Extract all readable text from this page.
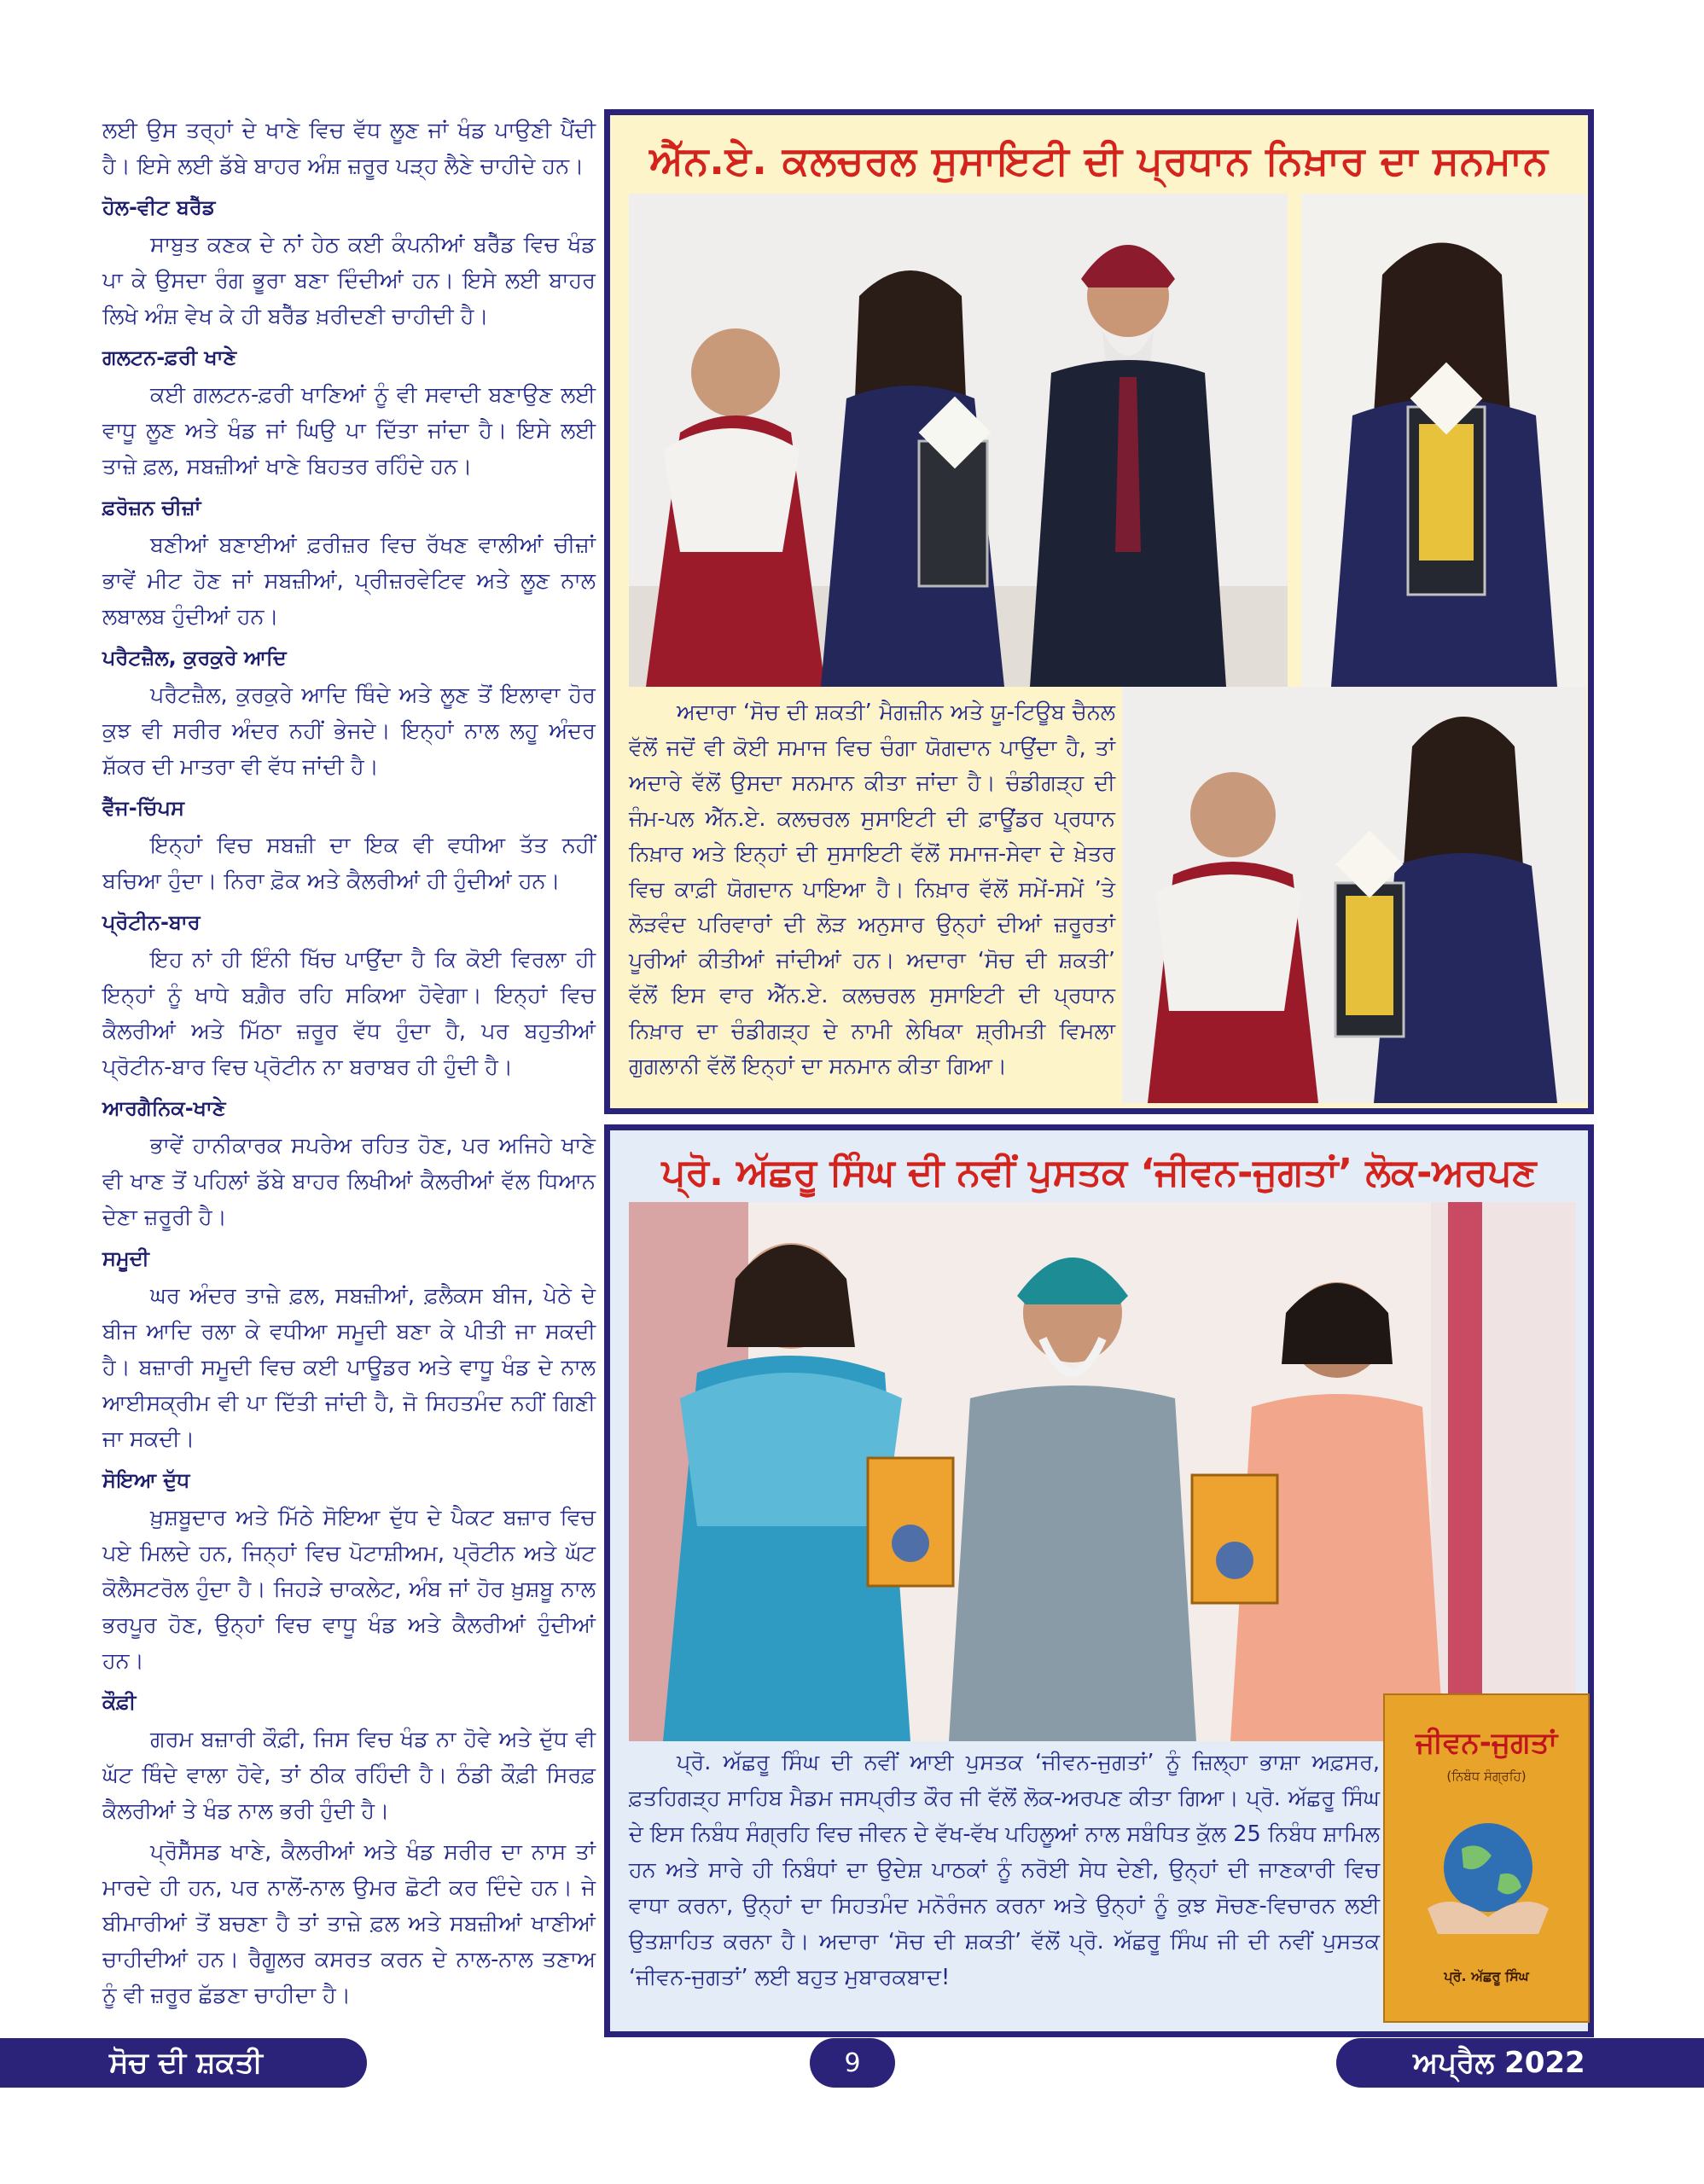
ਲਈ ਉਸ ਤਰ੍ਹਾਂ ਦੇ ਖਾਣੇ ਵਿਚ ਵੱਧ ਲੂਣ ਜਾਂ ਖੰਡ ਪਾਉਣੀ ਪੈਂਦੀ ਹੈ। ਇਸੇ ਲਈ ਡੱਬੇ ਬਾਹਰ ਅੰਸ਼ ਜ਼ਰੂਰ ਪੜ੍ਹ ਲੈਣੇ ਚਾਹੀਦੇ ਹਨ।

ਹੋਲ-ਵੀਟ ਬਰੈੱਡ

ਸਾਬੁਤ ਕਣਕ ਦੇ ਨਾਂ ਹੇਠ ਕਈ ਕੰਪਨੀਆਂ ਬਰੈੱਡ ਵਿਚ ਖੰਡ ਪਾ ਕੇ ਉਸਦਾ ਰੰਗ ਭੂਰਾ ਬਣਾ ਦਿੰਦੀਆਂ ਹਨ। ਇਸੇ ਲਈ ਬਾਹਰ ਲਿਖੇ ਅੰਸ਼ ਵੇਖ ਕੇ ਹੀ ਬਰੈੱਡ ਖ਼ਰੀਦਣੀ ਚਾਹੀਦੀ ਹੈ।

ਗਲਟਨ-ਫ਼ਰੀ ਖਾਣੇ

ਕਈ ਗਲਟਨ-ਫ਼ਰੀ ਖਾਣਿਆਂ ਨੂੰ ਵੀ ਸਵਾਦੀ ਬਣਾਉਣ ਲਈ ਵਾਧੂ ਲੂਣ ਅਤੇ ਖੰਡ ਜਾਂ ਘਿਉ ਪਾ ਦਿੱਤਾ ਜਾਂਦਾ ਹੈ। ਇਸੇ ਲਈ ਤਾਜ਼ੇ ਫ਼ਲ, ਸਬਜ਼ੀਆਂ ਖਾਣੇ ਬਿਹਤਰ ਰਹਿੰਦੇ ਹਨ।

ਫ਼ਰੋਜ਼ਨ ਚੀਜ਼ਾਂ

ਬਣੀਆਂ ਬਣਾਈਆਂ ਫ਼ਰੀਜ਼ਰ ਵਿਚ ਰੱਖਣ ਵਾਲੀਆਂ ਚੀਜ਼ਾਂ ਭਾਵੇਂ ਮੀਟ ਹੋਣ ਜਾਂ ਸਬਜ਼ੀਆਂ, ਪ੍ਰੀਜ਼ਰਵੇਟਿਵ ਅਤੇ ਲੂਣ ਨਾਲ ਲਬਾਲਬ ਹੁੰਦੀਆਂ ਹਨ।

ਪਰੈਟਜ਼ੈਲ, ਕੁਰਕੁਰੇ ਆਦਿ

ਪਰੈਟਜ਼ੈਲ, ਕੁਰਕੁਰੇ ਆਦਿ ਥਿੰਦੇ ਅਤੇ ਲੂਣ ਤੋਂ ਇਲਾਵਾ ਹੋਰ ਕੁਝ ਵੀ ਸਰੀਰ ਅੰਦਰ ਨਹੀਂ ਭੇਜਦੇ। ਇਨ੍ਹਾਂ ਨਾਲ ਲਹੂ ਅੰਦਰ ਸ਼ੱਕਰ ਦੀ ਮਾਤਰਾ ਵੀ ਵੱਧ ਜਾਂਦੀ ਹੈ।

ਵੈੱਜ-ਚਿੱਪਸ

ਇਨ੍ਹਾਂ ਵਿਚ ਸਬਜ਼ੀ ਦਾ ਇਕ ਵੀ ਵਧੀਆ ਤੱਤ ਨਹੀਂ ਬਚਿਆ ਹੁੰਦਾ। ਨਿਰਾ ਫ਼ੋਕ ਅਤੇ ਕੈਲਰੀਆਂ ਹੀ ਹੁੰਦੀਆਂ ਹਨ।

ਪ੍ਰੋਟੀਨ-ਬਾਰ

ਇਹ ਨਾਂ ਹੀ ਇੰਨੀ ਖਿੱਚ ਪਾਉਂਦਾ ਹੈ ਕਿ ਕੋਈ ਵਿਰਲਾ ਹੀ ਇਨ੍ਹਾਂ ਨੂੰ ਖਾਧੇ ਬਗ਼ੈਰ ਰਹਿ ਸਕਿਆ ਹੋਵੇਗਾ। ਇਨ੍ਹਾਂ ਵਿਚ ਕੈਲਰੀਆਂ ਅਤੇ ਮਿੱਠਾ ਜ਼ਰੂਰ ਵੱਧ ਹੁੰਦਾ ਹੈ, ਪਰ ਬਹੁਤੀਆਂ ਪ੍ਰੋਟੀਨ-ਬਾਰ ਵਿਚ ਪ੍ਰੋਟੀਨ ਨਾ ਬਰਾਬਰ ਹੀ ਹੁੰਦੀ ਹੈ।

ਆਰਗੈਨਿਕ-ਖਾਣੇ

ਭਾਵੇਂ ਹਾਨੀਕਾਰਕ ਸਪਰੇਅ ਰਹਿਤ ਹੋਣ, ਪਰ ਅਜਿਹੇ ਖਾਣੇ ਵੀ ਖਾਣ ਤੋਂ ਪਹਿਲਾਂ ਡੱਬੇ ਬਾਹਰ ਲਿਖੀਆਂ ਕੈਲਰੀਆਂ ਵੱਲ ਧਿਆਨ ਦੇਣਾ ਜ਼ਰੂਰੀ ਹੈ।

ਸਮੂਦੀ

ਘਰ ਅੰਦਰ ਤਾਜ਼ੇ ਫ਼ਲ, ਸਬਜ਼ੀਆਂ, ਫ਼ਲੈਕਸ ਬੀਜ, ਪੇਠੇ ਦੇ ਬੀਜ ਆਦਿ ਰਲਾ ਕੇ ਵਧੀਆ ਸਮੂਦੀ ਬਣਾ ਕੇ ਪੀਤੀ ਜਾ ਸਕਦੀ ਹੈ। ਬਜ਼ਾਰੀ ਸਮੂਦੀ ਵਿਚ ਕਈ ਪਾਊਡਰ ਅਤੇ ਵਾਧੂ ਖੰਡ ਦੇ ਨਾਲ ਆਈਸਕ੍ਰੀਮ ਵੀ ਪਾ ਦਿੱਤੀ ਜਾਂਦੀ ਹੈ, ਜੋ ਸਿਹਤਮੰਦ ਨਹੀਂ ਗਿਣੀ ਜਾ ਸਕਦੀ।

ਸੋਇਆ ਦੁੱਧ

ਖ਼ੁਸ਼ਬੂਦਾਰ ਅਤੇ ਮਿੱਠੇ ਸੋਇਆ ਦੁੱਧ ਦੇ ਪੈਕਟ ਬਜ਼ਾਰ ਵਿਚ ਪਏ ਮਿਲਦੇ ਹਨ, ਜਿਨ੍ਹਾਂ ਵਿਚ ਪੋਟਾਸ਼ੀਅਮ, ਪ੍ਰੋਟੀਨ ਅਤੇ ਘੱਟ ਕੋਲੈਸਟਰੋਲ ਹੁੰਦਾ ਹੈ। ਜਿਹੜੇ ਚਾਕਲੇਟ, ਅੰਬ ਜਾਂ ਹੋਰ ਖ਼ੁਸ਼ਬੂ ਨਾਲ ਭਰਪੂਰ ਹੋਣ, ਉਨ੍ਹਾਂ ਵਿਚ ਵਾਧੂ ਖੰਡ ਅਤੇ ਕੈਲਰੀਆਂ ਹੁੰਦੀਆਂ ਹਨ।

ਕੌਫ਼ੀ

ਗਰਮ ਬਜ਼ਾਰੀ ਕੌਫ਼ੀ, ਜਿਸ ਵਿਚ ਖੰਡ ਨਾ ਹੋਵੇ ਅਤੇ ਦੁੱਧ ਵੀ ਘੱਟ ਥਿੰਦੇ ਵਾਲਾ ਹੋਵੇ, ਤਾਂ ਠੀਕ ਰਹਿੰਦੀ ਹੈ। ਠੰਡੀ ਕੌਫ਼ੀ ਸਿਰਫ਼ ਕੈਲਰੀਆਂ ਤੇ ਖੰਡ ਨਾਲ ਭਰੀ ਹੁੰਦੀ ਹੈ।

ਪ੍ਰੋਸੈੱਸਡ ਖਾਣੇ, ਕੈਲਰੀਆਂ ਅਤੇ ਖੰਡ ਸਰੀਰ ਦਾ ਨਾਸ ਤਾਂ ਮਾਰਦੇ ਹੀ ਹਨ, ਪਰ ਨਾਲੋਂ-ਨਾਲ ਉਮਰ ਛੋਟੀ ਕਰ ਦਿੰਦੇ ਹਨ। ਜੇ ਬੀਮਾਰੀਆਂ ਤੋਂ ਬਚਣਾ ਹੈ ਤਾਂ ਤਾਜ਼ੇ ਫ਼ਲ ਅਤੇ ਸਬਜ਼ੀਆਂ ਖਾਣੀਆਂ ਚਾਹੀਦੀਆਂ ਹਨ। ਰੈਗੂਲਰ ਕਸਰਤ ਕਰਨ ਦੇ ਨਾਲ-ਨਾਲ ਤਣਾਅ ਨੂੰ ਵੀ ਜ਼ਰੂਰ ਛੱਡਣਾ ਚਾਹੀਦਾ ਹੈ।

ਐੱਨ.ਏ. ਕਲਚਰਲ ਸੁਸਾਇਟੀ ਦੀ ਪ੍ਰਧਾਨ ਨਿਖ਼ਾਰ ਦਾ ਸਨਮਾਨ
ਅਦਾਰਾ ‘ਸੋਚ ਦੀ ਸ਼ਕਤੀ’ ਮੈਗਜ਼ੀਨ ਅਤੇ ਯੂ-ਟਿਊਬ ਚੈਨਲ ਵੱਲੋਂ ਜਦੋਂ ਵੀ ਕੋਈ ਸਮਾਜ ਵਿਚ ਚੰਗਾ ਯੋਗਦਾਨ ਪਾਉਂਦਾ ਹੈ, ਤਾਂ ਅਦਾਰੇ ਵੱਲੋਂ ਉਸਦਾ ਸਨਮਾਨ ਕੀਤਾ ਜਾਂਦਾ ਹੈ। ਚੰਡੀਗੜ੍ਹ ਦੀ ਜੰਮ-ਪਲ ਐੱਨ.ਏ. ਕਲਚਰਲ ਸੁਸਾਇਟੀ ਦੀ ਫ਼ਾਊਂਡਰ ਪ੍ਰਧਾਨ ਨਿਖ਼ਾਰ ਅਤੇ ਇਨ੍ਹਾਂ ਦੀ ਸੁਸਾਇਟੀ ਵੱਲੋਂ ਸਮਾਜ-ਸੇਵਾ ਦੇ ਖ਼ੇਤਰ ਵਿਚ ਕਾਫ਼ੀ ਯੋਗਦਾਨ ਪਾਇਆ ਹੈ। ਨਿਖ਼ਾਰ ਵੱਲੋਂ ਸਮੇਂ-ਸਮੇਂ ’ਤੇ ਲੋੜਵੰਦ ਪਰਿਵਾਰਾਂ ਦੀ ਲੋੜ ਅਨੁਸਾਰ ਉਨ੍ਹਾਂ ਦੀਆਂ ਜ਼ਰੂਰਤਾਂ ਪੂਰੀਆਂ ਕੀਤੀਆਂ ਜਾਂਦੀਆਂ ਹਨ। ਅਦਾਰਾ ‘ਸੋਚ ਦੀ ਸ਼ਕਤੀ’ ਵੱਲੋਂ ਇਸ ਵਾਰ ਐੱਨ.ਏ. ਕਲਚਰਲ ਸੁਸਾਇਟੀ ਦੀ ਪ੍ਰਧਾਨ ਨਿਖ਼ਾਰ ਦਾ ਚੰਡੀਗੜ੍ਹ ਦੇ ਨਾਮੀ ਲੇਖਿਕਾ ਸ਼੍ਰੀਮਤੀ ਵਿਮਲਾ ਗੁਗਲਾਨੀ ਵੱਲੋਂ ਇਨ੍ਹਾਂ ਦਾ ਸਨਮਾਨ ਕੀਤਾ ਗਿਆ।
ਪ੍ਰੋ. ਅੱਛਰੂ ਸਿੰਘ ਦੀ ਨਵੀਂ ਪੁਸਤਕ ‘ਜੀਵਨ-ਜੁਗਤਾਂ’ ਲੋਕ-ਅਰਪਣ
ਪ੍ਰੋ. ਅੱਛਰੂ ਸਿੰਘ ਦੀ ਨਵੀਂ ਆਈ ਪੁਸਤਕ ‘ਜੀਵਨ-ਜੁਗਤਾਂ’ ਨੂੰ ਜ਼ਿਲ੍ਹਾ ਭਾਸ਼ਾ ਅਫ਼ਸਰ, ਫ਼ਤਹਿਗੜ੍ਹ ਸਾਹਿਬ ਮੈਡਮ ਜਸਪ੍ਰੀਤ ਕੌਰ ਜੀ ਵੱਲੋਂ ਲੋਕ-ਅਰਪਣ ਕੀਤਾ ਗਿਆ। ਪ੍ਰੋ. ਅੱਛਰੂ ਸਿੰਘ ਦੇ ਇਸ ਨਿਬੰਧ ਸੰਗ੍ਰਹਿ ਵਿਚ ਜੀਵਨ ਦੇ ਵੱਖ-ਵੱਖ ਪਹਿਲੂਆਂ ਨਾਲ ਸਬੰਧਿਤ ਕੁੱਲ 25 ਨਿਬੰਧ ਸ਼ਾਮਿਲ ਹਨ ਅਤੇ ਸਾਰੇ ਹੀ ਨਿਬੰਧਾਂ ਦਾ ਉਦੇਸ਼ ਪਾਠਕਾਂ ਨੂੰ ਨਰੋਈ ਸੇਧ ਦੇਣੀ, ਉਨ੍ਹਾਂ ਦੀ ਜਾਣਕਾਰੀ ਵਿਚ ਵਾਧਾ ਕਰਨਾ, ਉਨ੍ਹਾਂ ਦਾ ਸਿਹਤਮੰਦ ਮਨੋਰੰਜਨ ਕਰਨਾ ਅਤੇ ਉਨ੍ਹਾਂ ਨੂੰ ਕੁਝ ਸੋਚਣ-ਵਿਚਾਰਨ ਲਈ ਉਤਸ਼ਾਹਿਤ ਕਰਨਾ ਹੈ। ਅਦਾਰਾ ‘ਸੋਚ ਦੀ ਸ਼ਕਤੀ’ ਵੱਲੋਂ ਪ੍ਰੋ. ਅੱਛਰੂ ਸਿੰਘ ਜੀ ਦੀ ਨਵੀਂ ਪੁਸਤਕ ‘ਜੀਵਨ-ਜੁਗਤਾਂ’ ਲਈ ਬਹੁਤ ਮੁਬਾਰਕਬਾਦ!
ਜੀਵਨ-ਜੁਗਤਾਂ
(ਨਿਬੰਧ ਸੰਗ੍ਰਹਿ)
ਪ੍ਰੋ. ਅੱਛਰੂ ਸਿੰਘ
ਸੋਚ ਦੀ ਸ਼ਕਤੀ	9	ਅਪ੍ਰੈਲ 2022
